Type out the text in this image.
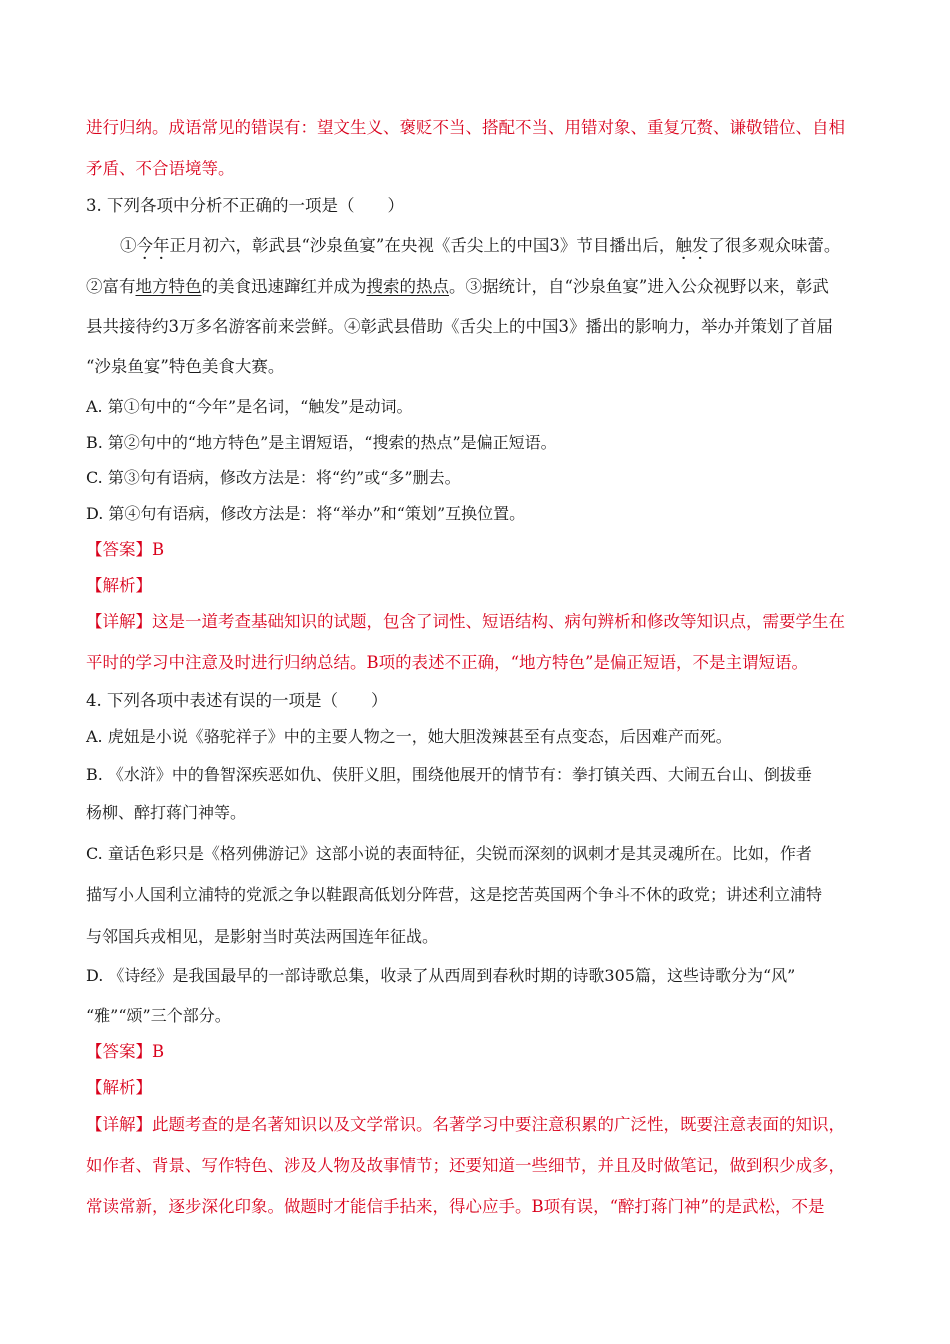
进行归纳。成语常见的错误有：望文生义、褒贬不当、搭配不当、用错对象、重复冗赘、谦敬错位、自相
矛盾、不合语境等。
3. 下列各项中分析不正确的一项是（　　）
①今年正月初六，彰武县“沙泉鱼宴”在央视《舌尖上的中国3》节目播出后，触发了很多观众味蕾。
②富有地方特色的美食迅速蹿红并成为搜索的热点。③据统计，自“沙泉鱼宴”进入公众视野以来，彰武
县共接待约3万多名游客前来尝鲜。④彰武县借助《舌尖上的中国3》播出的影响力，举办并策划了首届
“沙泉鱼宴”特色美食大赛。
A. 第①句中的“今年”是名词，“触发”是动词。
B. 第②句中的“地方特色”是主谓短语，“搜索的热点”是偏正短语。
C. 第③句有语病，修改方法是：将“约”或“多”删去。
D. 第④句有语病，修改方法是：将“举办”和“策划”互换位置。
【答案】B
【解析】
【详解】这是一道考查基础知识的试题，包含了词性、短语结构、病句辨析和修改等知识点，需要学生在
平时的学习中注意及时进行归纳总结。B项的表述不正确，“地方特色”是偏正短语，不是主谓短语。
4. 下列各项中表述有误的一项是（　　）
A. 虎妞是小说《骆驼祥子》中的主要人物之一，她大胆泼辣甚至有点变态，后因难产而死。
B. 《水浒》中的鲁智深疾恶如仇、侠肝义胆，围绕他展开的情节有：拳打镇关西、大闹五台山、倒拔垂
杨柳、醉打蒋门神等。
C. 童话色彩只是《格列佛游记》这部小说的表面特征，尖锐而深刻的讽刺才是其灵魂所在。比如，作者
描写小人国利立浦特的党派之争以鞋跟高低划分阵营，这是挖苦英国两个争斗不休的政党；讲述利立浦特
与邻国兵戎相见，是影射当时英法两国连年征战。
D. 《诗经》是我国最早的一部诗歌总集，收录了从西周到春秋时期的诗歌305篇，这些诗歌分为“风”
“雅”“颂”三个部分。
【答案】B
【解析】
【详解】此题考查的是名著知识以及文学常识。名著学习中要注意积累的广泛性，既要注意表面的知识，
如作者、背景、写作特色、涉及人物及故事情节；还要知道一些细节，并且及时做笔记，做到积少成多，
常读常新，逐步深化印象。做题时才能信手拈来，得心应手。B项有误，“醉打蒋门神”的是武松，不是
